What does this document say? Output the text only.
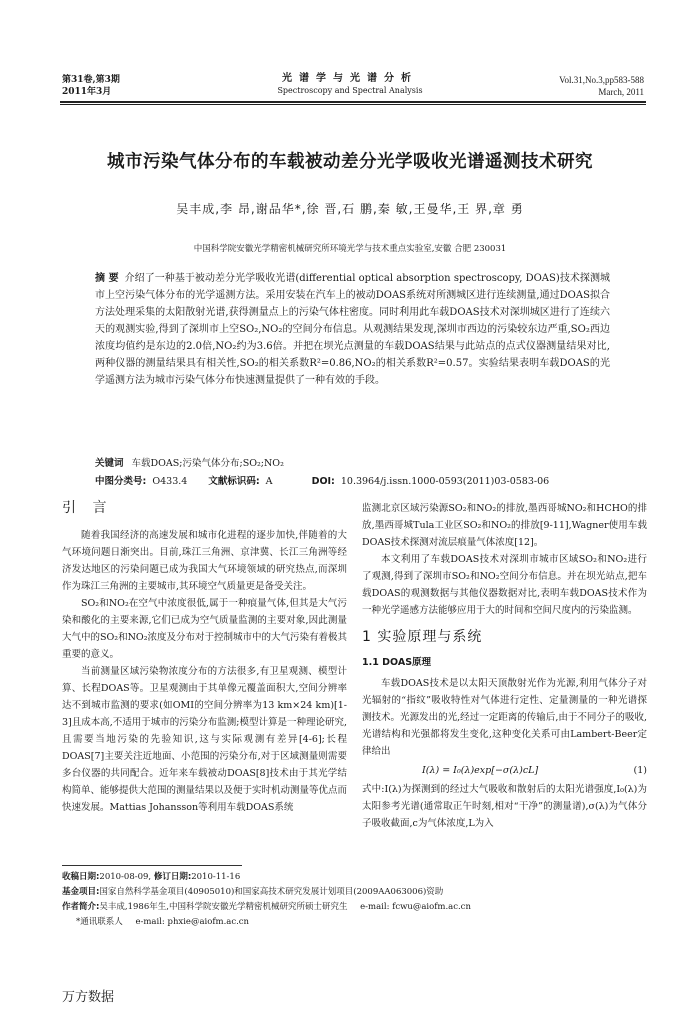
第31卷,第3期
2011年3月
光谱学与光谱分析
Spectroscopy and Spectral Analysis
Vol.31,No.3,pp583-588
March, 2011
城市污染气体分布的车载被动差分光学吸收光谱遥测技术研究
吴丰成,李 昂,谢品华*,徐 晋,石 鹏,秦 敏,王曼华,王 界,章 勇
中国科学院安徽光学精密机械研究所环境光学与技术重点实验室,安徽 合肥 230031
摘 要 介绍了一种基于被动差分光学吸收光谱(differential optical absorption spectroscopy, DOAS)技术探测城市上空污染气体分布的光学遥测方法。采用安装在汽车上的被动DOAS系统对所测城区进行连续测量,通过DOAS拟合方法处理采集的太阳散射光谱,获得测量点上的污染气体柱密度。同时利用此车载DOAS技术对深圳城区进行了连续六天的观测实验,得到了深圳市上空SO₂,NO₂的空间分布信息。从观测结果发现,深圳市西边的污染较东边严重,SO₂西边浓度均值约是东边的2.0倍,NO₂约为3.6倍。并把在坝光点测量的车载DOAS结果与此站点的点式仪器测量结果对比,两种仪器的测量结果具有相关性,SO₂的相关系数R²=0.86,NO₂的相关系数R²=0.57。实验结果表明车载DOAS的光学遥测方法为城市污染气体分布快速测量提供了一种有效的手段。
关键词 车载DOAS;污染气体分布;SO₂;NO₂
中图分类号: O433.4 文献标识码: A	DOI: 10.3964/j.issn.1000-0593(2011)03-0583-06
引 言

随着我国经济的高速发展和城市化进程的逐步加快,伴随着的大气环境问题日渐突出。目前,珠江三角洲、京津冀、长江三角洲等经济发达地区的污染问题已成为我国大气环境领域的研究热点,而深圳作为珠江三角洲的主要城市,其环境空气质量更是备受关注。

SO₂和NO₂在空气中浓度很低,属于一种痕量气体,但其是大气污染和酸化的主要来源,它们已成为空气质量监测的主要对象,因此测量大气中的SO₂和NO₂浓度及分布对于控制城市中的大气污染有着极其重要的意义。

当前测量区域污染物浓度分布的方法很多,有卫星观测、模型计算、长程DOAS等。卫星观测由于其单像元覆盖面积大,空间分辨率达不到城市监测的要求(如OMI的空间分辨率为13 km×24 km)[1-3]且成本高,不适用于城市的污染分布监测;模型计算是一种理论研究,且需要当地污染的先验知识,这与实际观测有差异[4-6];长程DOAS[7]主要关注近地面、小范围的污染分布,对于区域测量则需要多台仪器的共同配合。近年来车载被动DOAS[8]技术由于其光学结构简单、能够提供大范围的测量结果以及便于实时机动测量等优点而快速发展。Mattias Johansson等利用车载DOAS系统

监测北京区域污染源SO₂和NO₂的排放,墨西哥城NO₂和HCHO的排放,墨西哥城Tula工业区SO₂和NO₂的排放[9-11],Wagner使用车载DOAS技术探测对流层痕量气体浓度[12]。

本文利用了车载DOAS技术对深圳市城市区域SO₂和NO₂进行了观测,得到了深圳市SO₂和NO₂空间分布信息。并在坝光站点,把车载DOAS的观测数据与其他仪器数据对比,表明车载DOAS技术作为一种光学遥感方法能够应用于大的时间和空间尺度内的污染监测。

1 实验原理与系统
1.1 DOAS原理

车载DOAS技术是以太阳天顶散射光作为光源,利用气体分子对光辐射的“指纹”吸收特性对气体进行定性、定量测量的一种光谱探测技术。光源发出的光,经过一定距离的传输后,由于不同分子的吸收,光谱结构和光强都将发生变化,这种变化关系可由Lambert-Beer定律给出

I(λ) = I₀(λ)exp[−σ(λ)cL]	(1)

式中:I(λ)为探测到的经过大气吸收和散射后的太阳光谱强度,I₀(λ)为太阳参考光谱(通常取正午时刻,相对“干净”的测量谱),σ(λ)为气体分子吸收截面,c为气体浓度,L为入

收稿日期:2010-08-09, 修订日期:2010-11-16
基金项目:国家自然科学基金项目(40905010)和国家高技术研究发展计划项目(2009AA063006)资助
作者简介:吴丰成,1986年生,中国科学院安徽光学精密机械研究所硕士研究生 e-mail: fcwu@aiofm.ac.cn
*通讯联系人 e-mail: phxie@aiofm.ac.cn
万方数据
